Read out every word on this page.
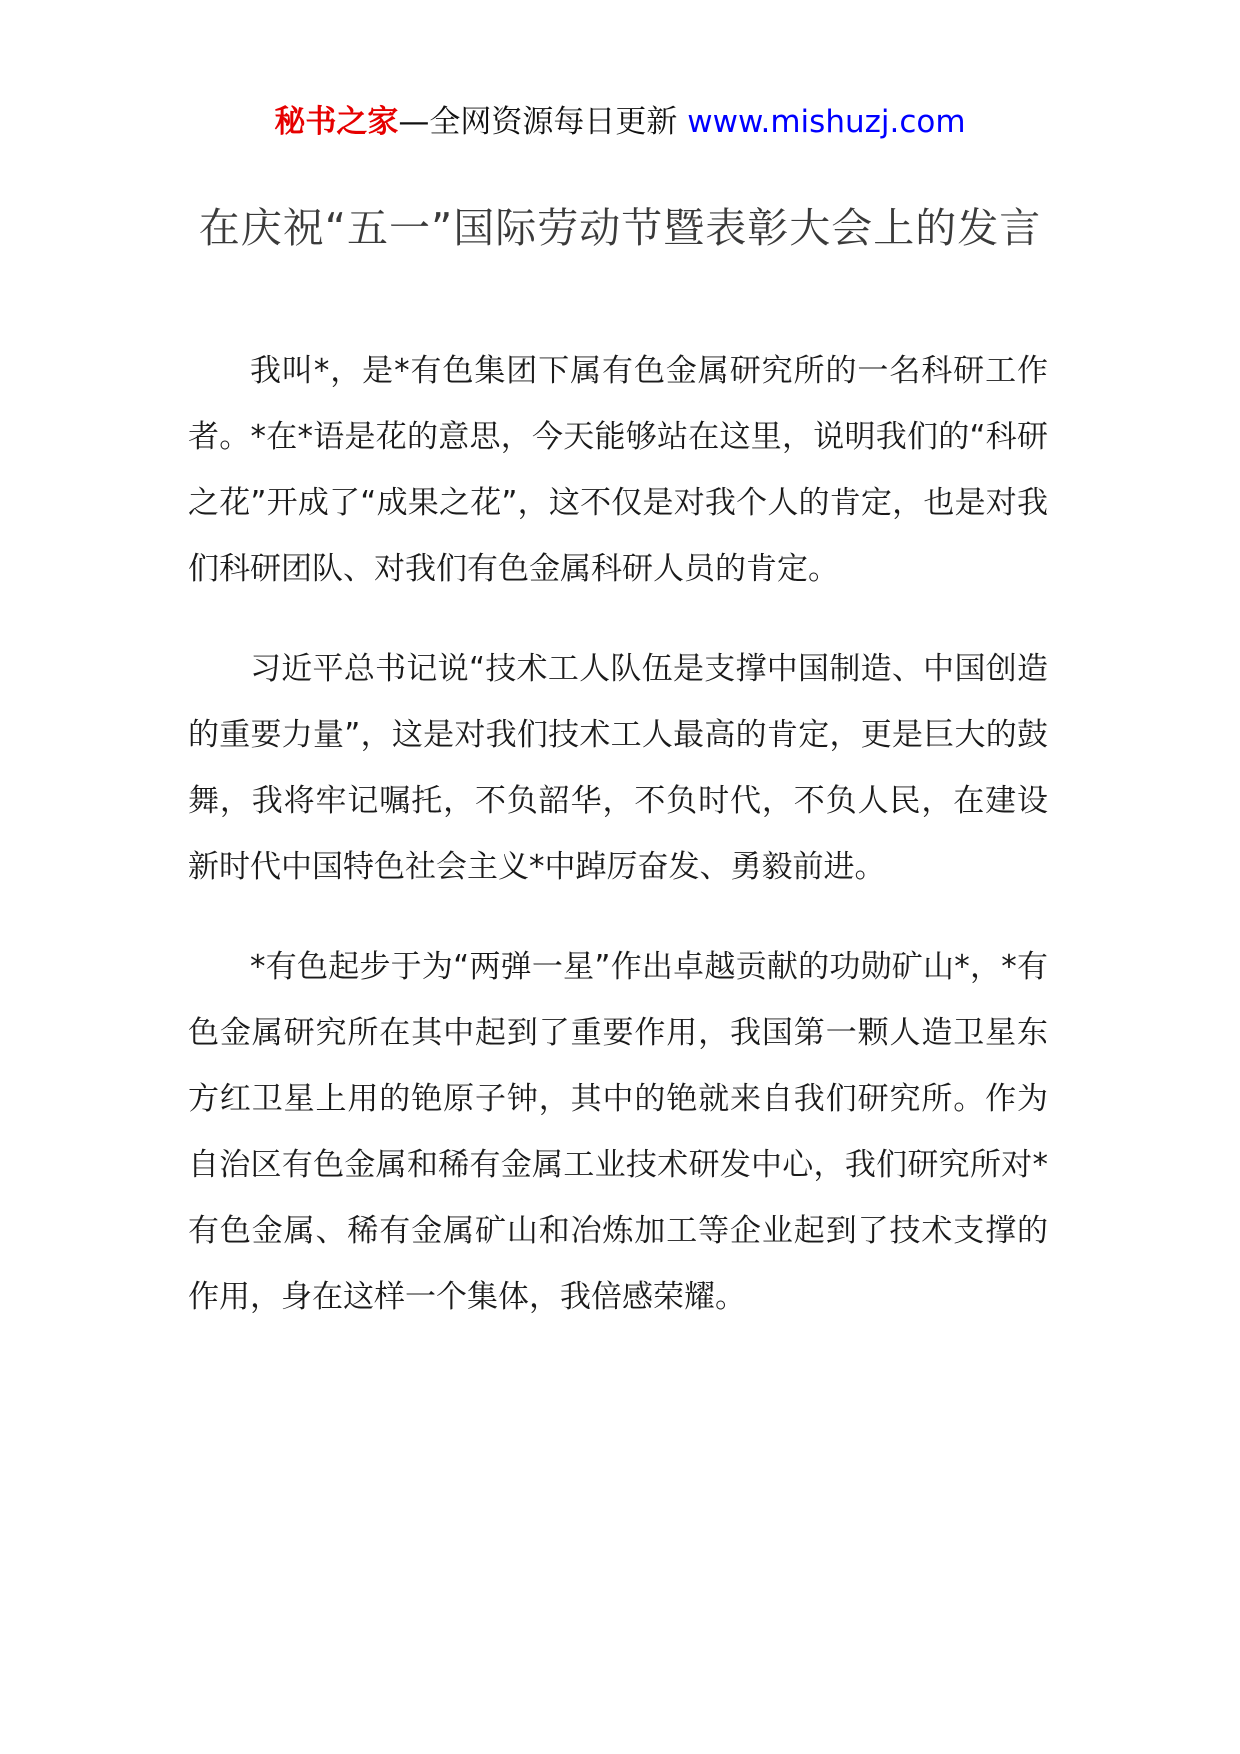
秘书之家—全网资源每日更新 www.mishuzj.com
在庆祝“五一”国际劳动节暨表彰大会上的发言

我叫*，是*有色集团下属有色金属研究所的一名科研工作者。*在*语是花的意思，今天能够站在这里，说明我们的“科研之花”开成了“成果之花”，这不仅是对我个人的肯定，也是对我们科研团队、对我们有色金属科研人员的肯定。

习近平总书记说“技术工人队伍是支撑中国制造、中国创造的重要力量”，这是对我们技术工人最高的肯定，更是巨大的鼓舞，我将牢记嘱托，不负韶华，不负时代，不负人民，在建设新时代中国特色社会主义*中踔厉奋发、勇毅前进。

*有色起步于为“两弹一星”作出卓越贡献的功勋矿山*，*有色金属研究所在其中起到了重要作用，我国第一颗人造卫星东方红卫星上用的铯原子钟，其中的铯就来自我们研究所。作为自治区有色金属和稀有金属工业技术研发中心，我们研究所对*有色金属、稀有金属矿山和冶炼加工等企业起到了技术支撑的作用，身在这样一个集体，我倍感荣耀。
